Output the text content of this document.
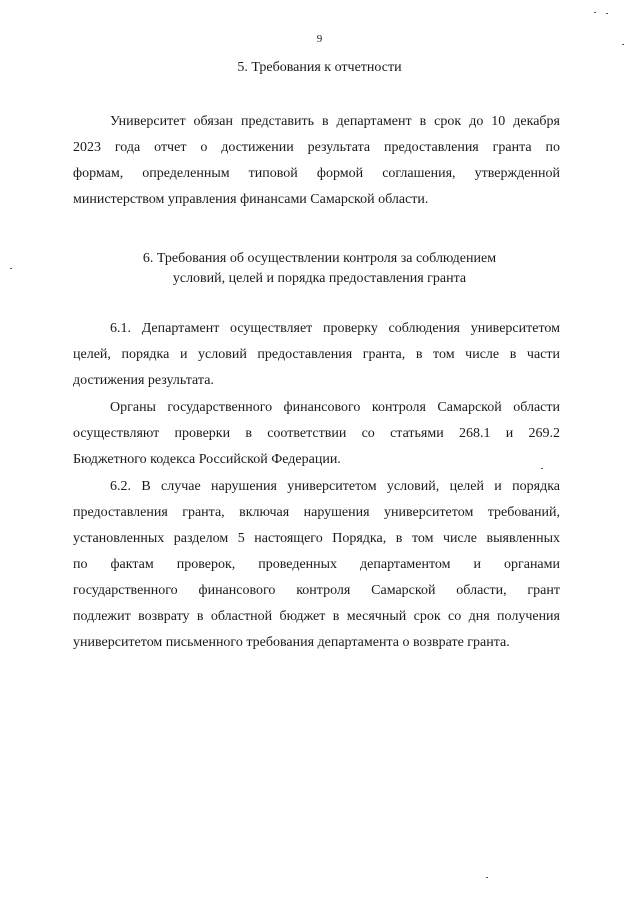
9
5. Требования к отчетности
Университет обязан представить в департамент в срок до 10 декабря
2023 года отчет о достижении результата предоставления гранта по
формам, определенным типовой формой соглашения, утвержденной
министерством управления финансами Самарской области.
6. Требования об осуществлении контроля за соблюдением
условий, целей и порядка предоставления гранта
6.1. Департамент осуществляет проверку соблюдения университетом
целей, порядка и условий предоставления гранта, в том числе в части
достижения результата.
Органы государственного финансового контроля Самарской области
осуществляют проверки в соответствии со статьями 268.1 и 269.2
Бюджетного кодекса Российской Федерации.
6.2. В случае нарушения университетом условий, целей и порядка
предоставления гранта, включая нарушения университетом требований,
установленных разделом 5 настоящего Порядка, в том числе выявленных
по фактам проверок, проведенных департаментом и органами
государственного финансового контроля Самарской области, грант
подлежит возврату в областной бюджет в месячный срок со дня получения
университетом письменного требования департамента о возврате гранта.
